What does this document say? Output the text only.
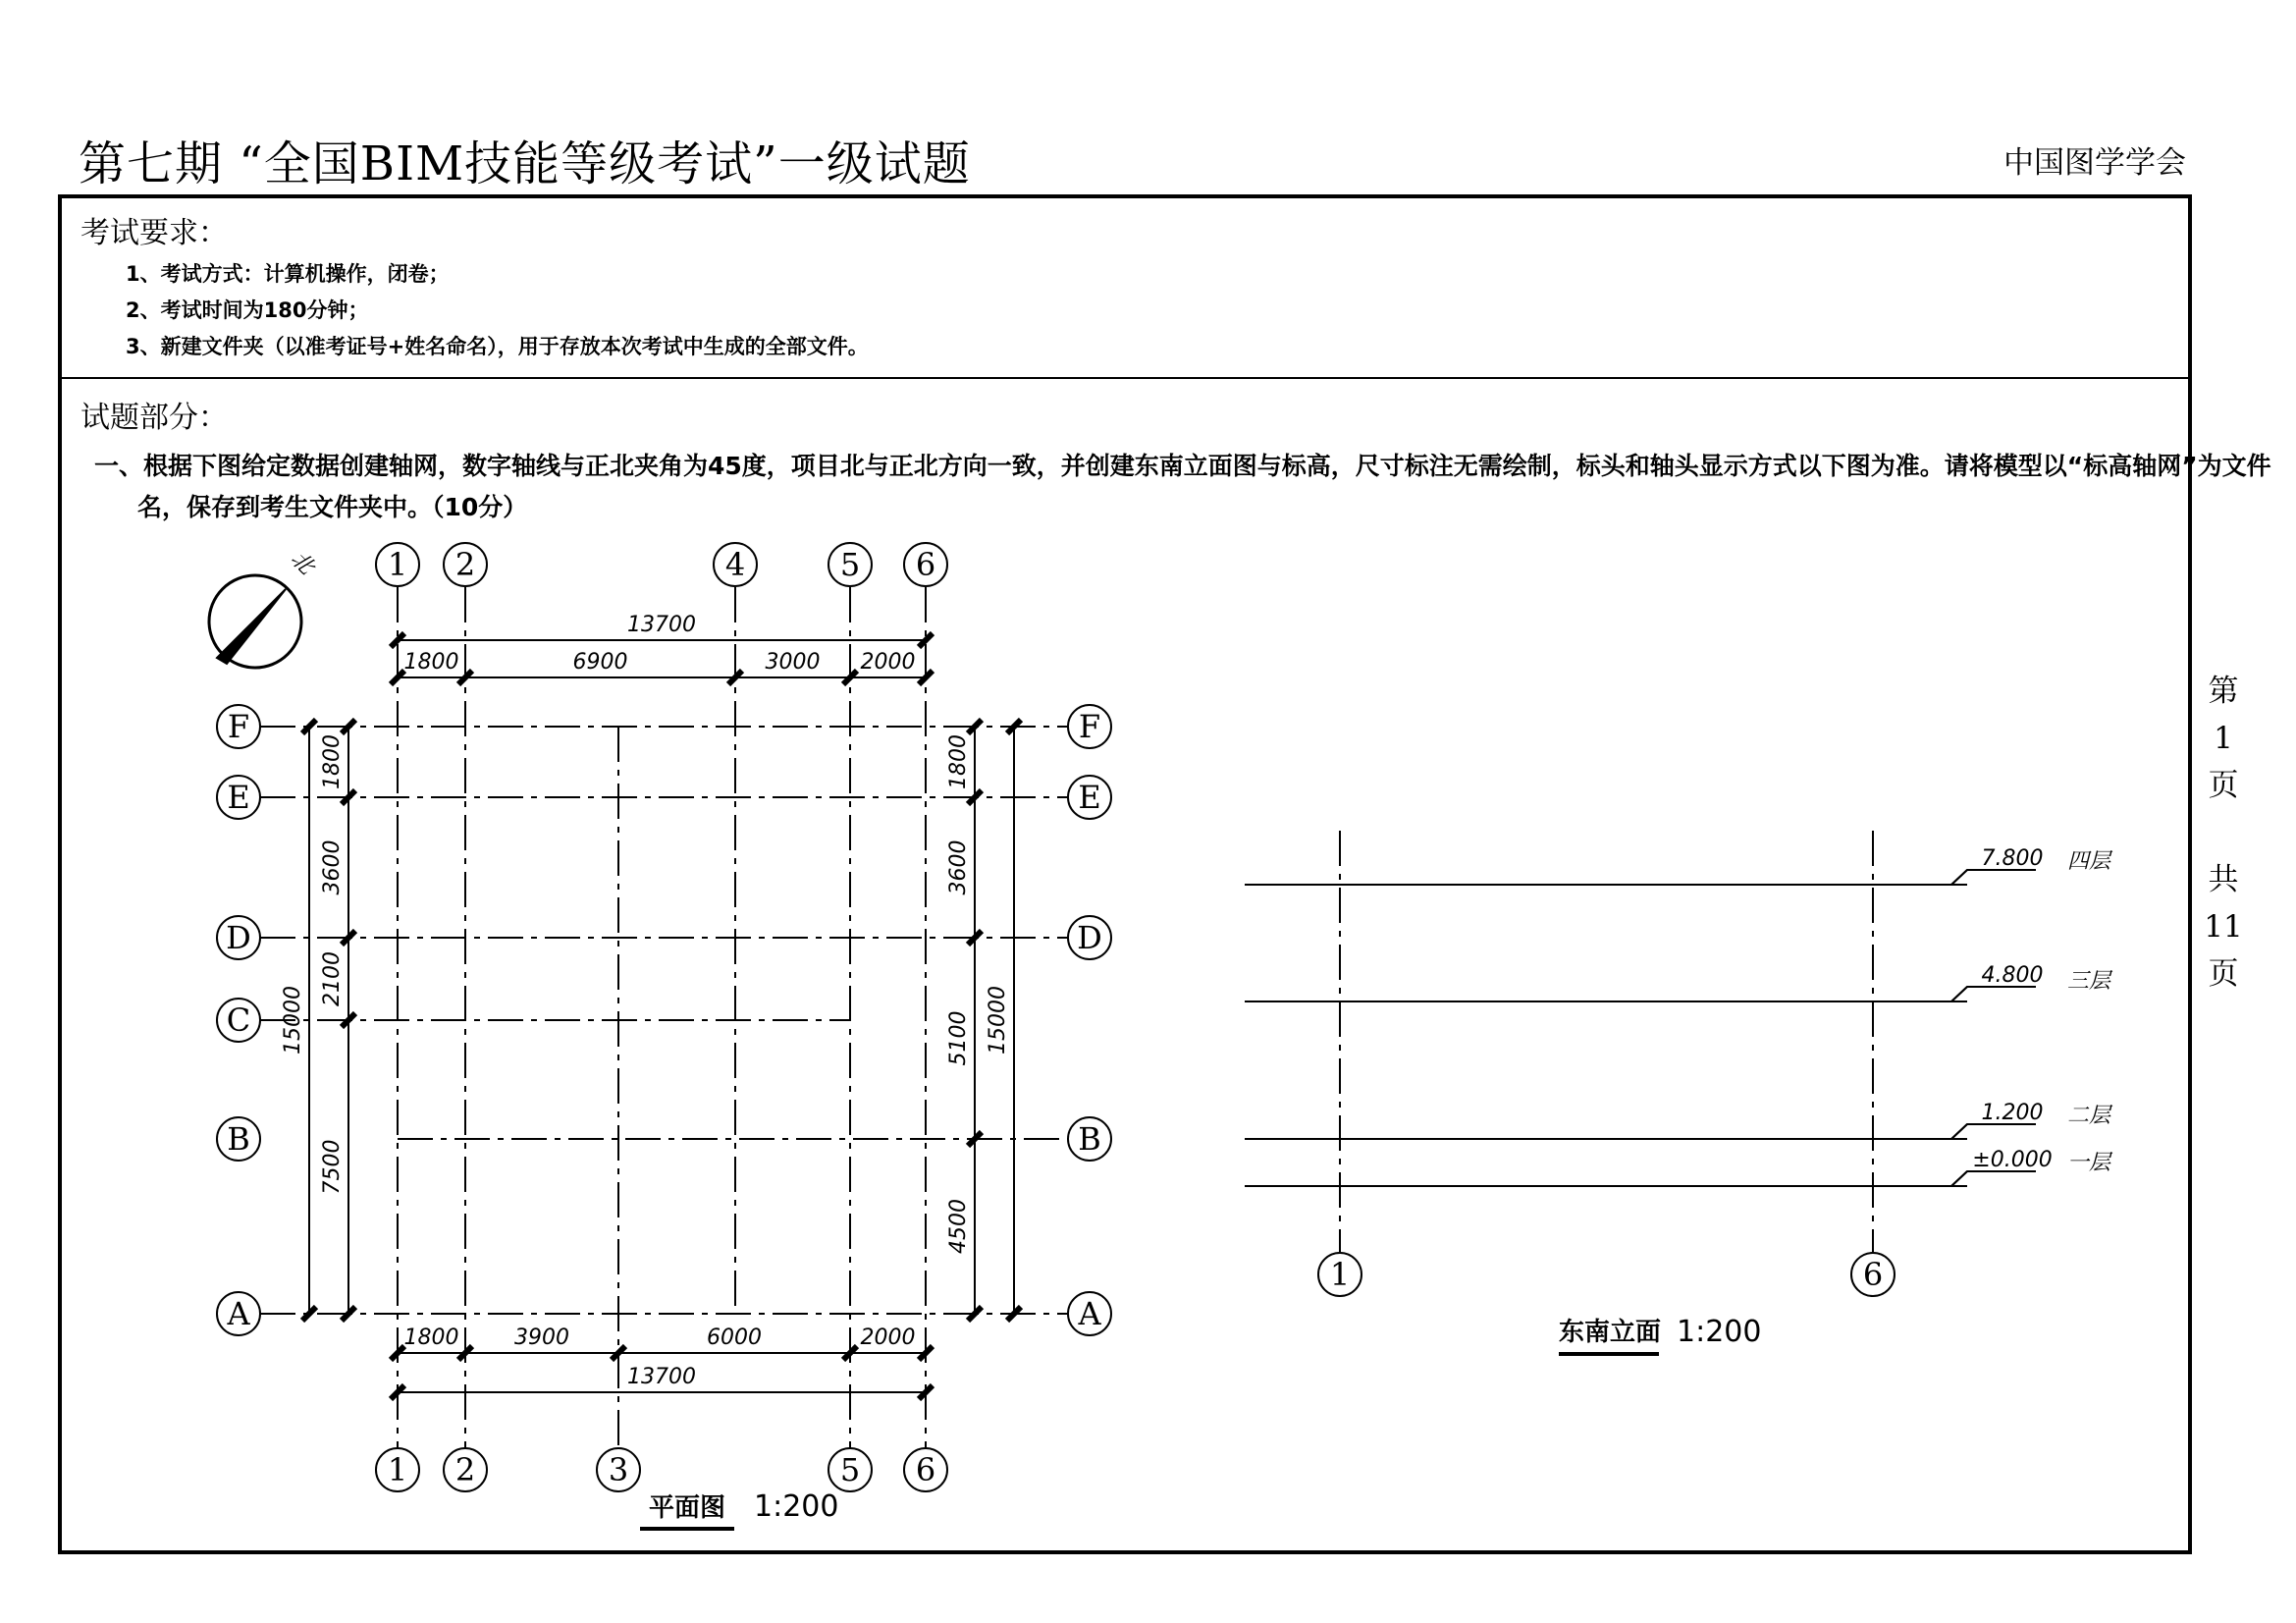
第七期 “全国BIM技能等级考试”一级试题	中国图学学会
考试要求：
1、考试方式：计算机操作，闭卷；
2、考试时间为180分钟；
3、新建文件夹（以准考证号+姓名命名），用于存放本次考试中生成的全部文件。
试题部分：
一、根据下图给定数据创建轴网，数字轴线与正北夹角为45度，项目北与正北方向一致，并创建东南立面图与标高，尺寸标注无需绘制，标头和轴头显示方式以下图为准。请将模型以“标高轴网”为文件
名，保存到考生文件夹中。（10分）
第
1
页
共
11
页
北 1 2	4	5 6
1 2	3	5 6
F	F
E	E
D	D
C
B	B
A	A
13700
1800	6900	3000 2000
1800	3900	6000	2000
13700
15000
1800
3600
2100
7500
1800
3600
5100
4500
15000
平面图 1:200
1	6
7.800 四层
4.800 三层
1.200 二层
±0.000 一层
东南立面 1:200
